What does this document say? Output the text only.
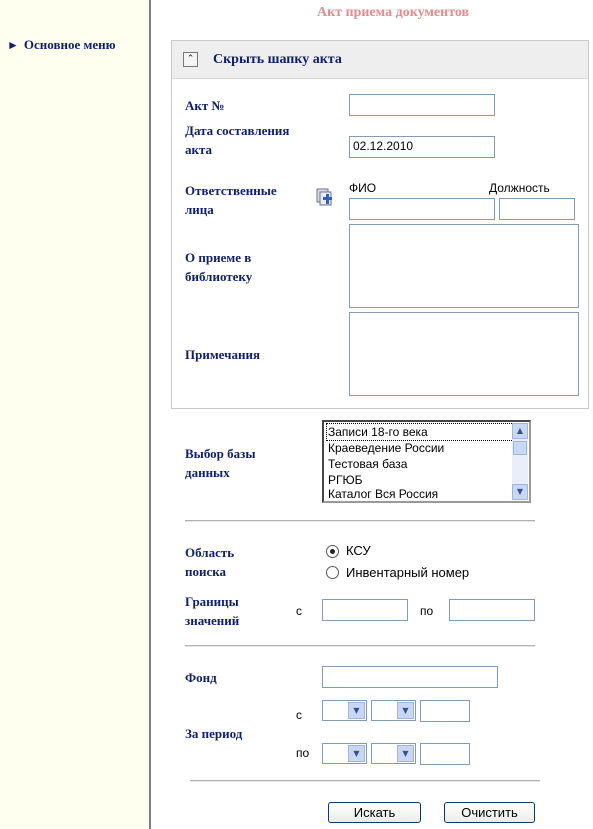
► Основное меню
Акт приема документов
⌃ Скрыть шапку акта
Акт №
Дата составления акта	02.12.2010
Ответственные лица
ФИО	Должность
О приеме в библиотеку
Примечания
Выбор базы данных
Записи 18-го века
Краеведение России
Тестовая база
РГЮБ
Каталог Вся Россия
▲
▼
Область поиска
КСУ
Инвентарный номер
Границы значений
с	по
Фонд
За период
с	▼	▼
по	▼	▼
Искать	Очистить
